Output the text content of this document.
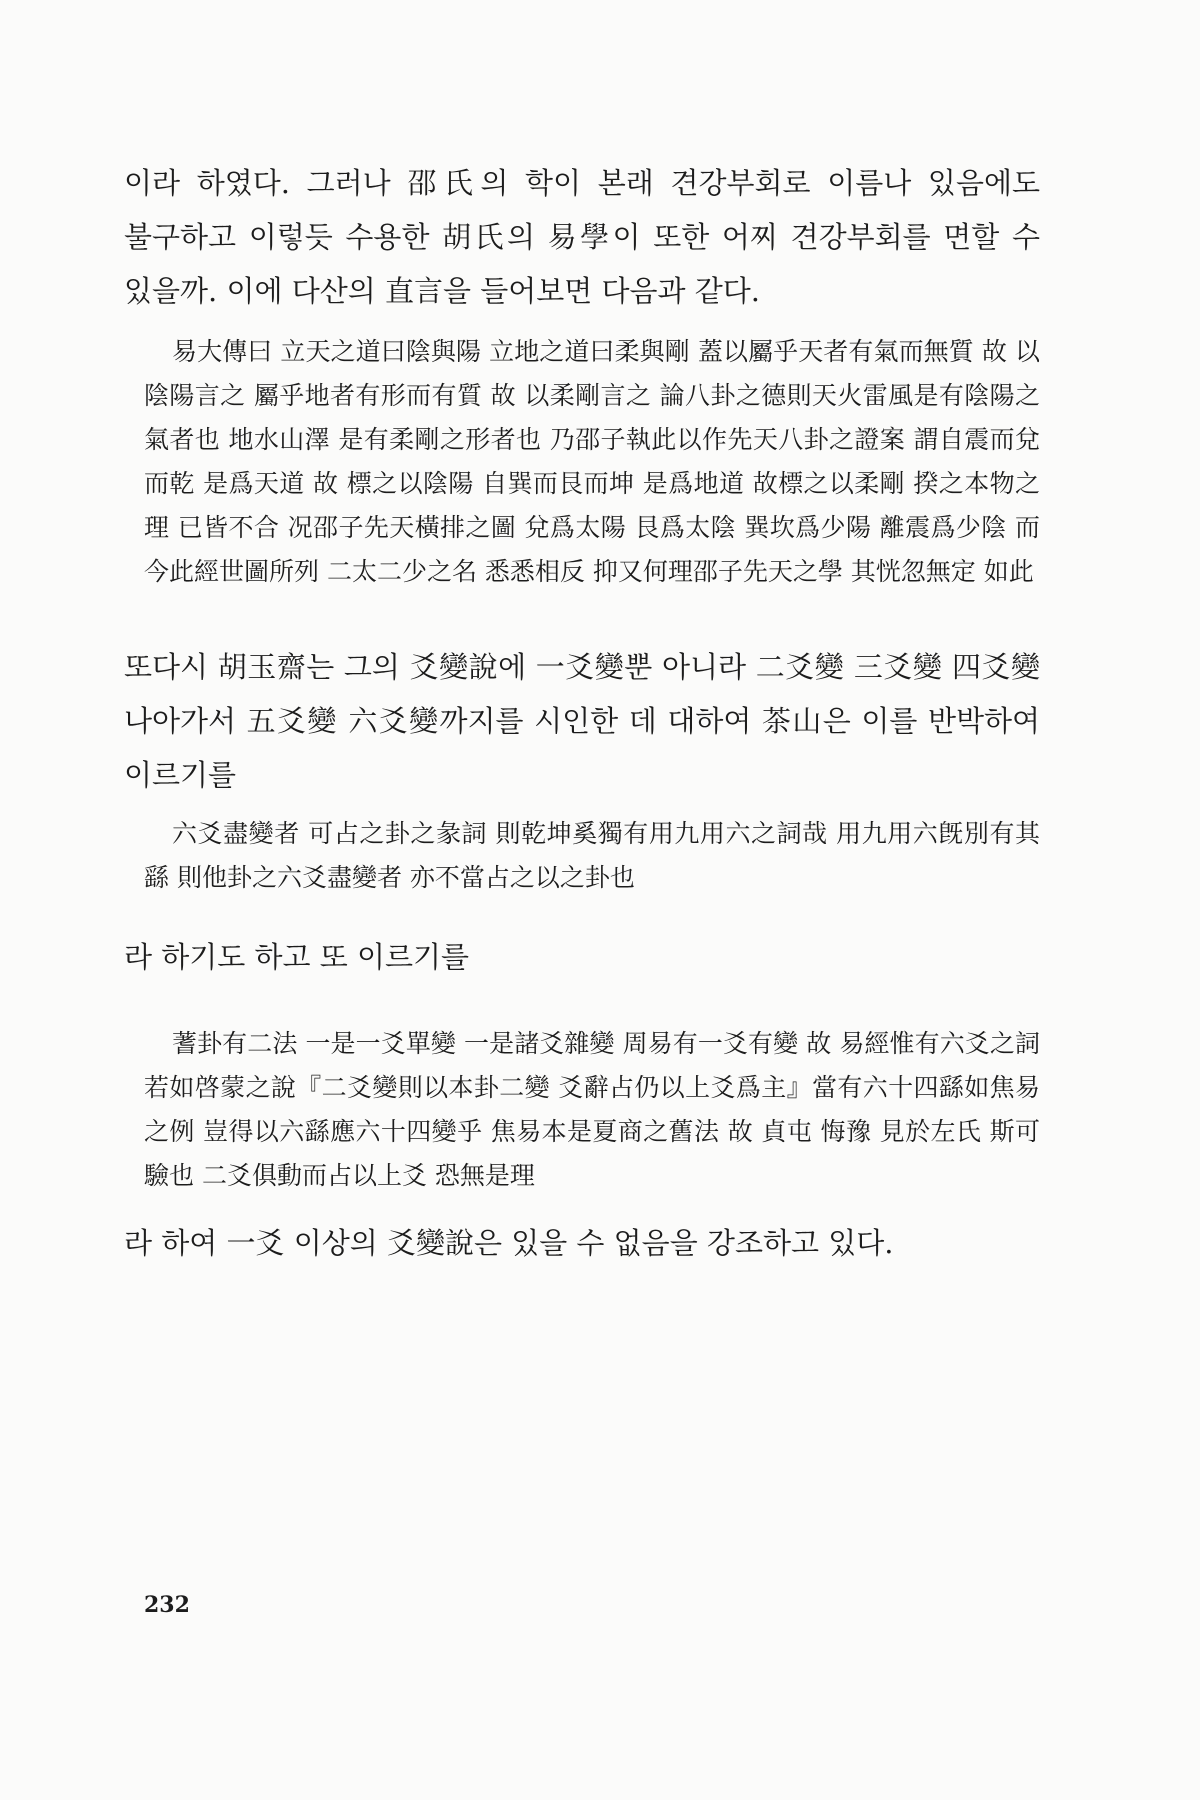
이라 하였다. 그러나 邵氏의 학이 본래 견강부회로 이름나 있음에도 불구하고 이렇듯 수용한 胡氏의 易學이 또한 어찌 견강부회를 면할 수 있을까. 이에 다산의 直言을 들어보면 다음과 같다.

易大傳曰 立天之道曰陰與陽 立地之道曰柔與剛 蓋以屬乎天者有氣而無質 故 以陰陽言之 屬乎地者有形而有質 故 以柔剛言之 論八卦之德則天火雷風是有陰陽之氣者也 地水山澤 是有柔剛之形者也 乃邵子執此以作先天八卦之證案 謂自震而兌而乾 是爲天道 故 標之以陰陽 自巽而艮而坤 是爲地道 故標之以柔剛 揆之本物之理 已皆不合 况邵子先天橫排之圖 兌爲太陽 艮爲太陰 巽坎爲少陽 離震爲少陰 而今此經世圖所列 二太二少之名 悉悉相反 抑又何理邵子先天之學 其恍忽無定 如此

또다시 胡玉齋는 그의 爻變說에 一爻變뿐 아니라 二爻變 三爻變 四爻變 나아가서 五爻變 六爻變까지를 시인한 데 대하여 茶山은 이를 반박하여 이르기를

六爻盡變者 可占之卦之彖詞 則乾坤奚獨有用九用六之詞哉 用九用六旣別有其繇 則他卦之六爻盡變者 亦不當占之以之卦也

라 하기도 하고 또 이르기를

蓍卦有二法 一是一爻單變 一是諸爻雜變 周易有一爻有變 故 易經惟有六爻之詞 若如啓蒙之說『二爻變則以本卦二變 爻辭占仍以上爻爲主』當有六十四繇如焦易之例 豈得以六繇應六十四變乎 焦易本是夏商之舊法 故 貞屯 悔豫 見於左氏 斯可驗也 二爻俱動而占以上爻 恐無是理

라 하여 一爻 이상의 爻變說은 있을 수 없음을 강조하고 있다.

232
